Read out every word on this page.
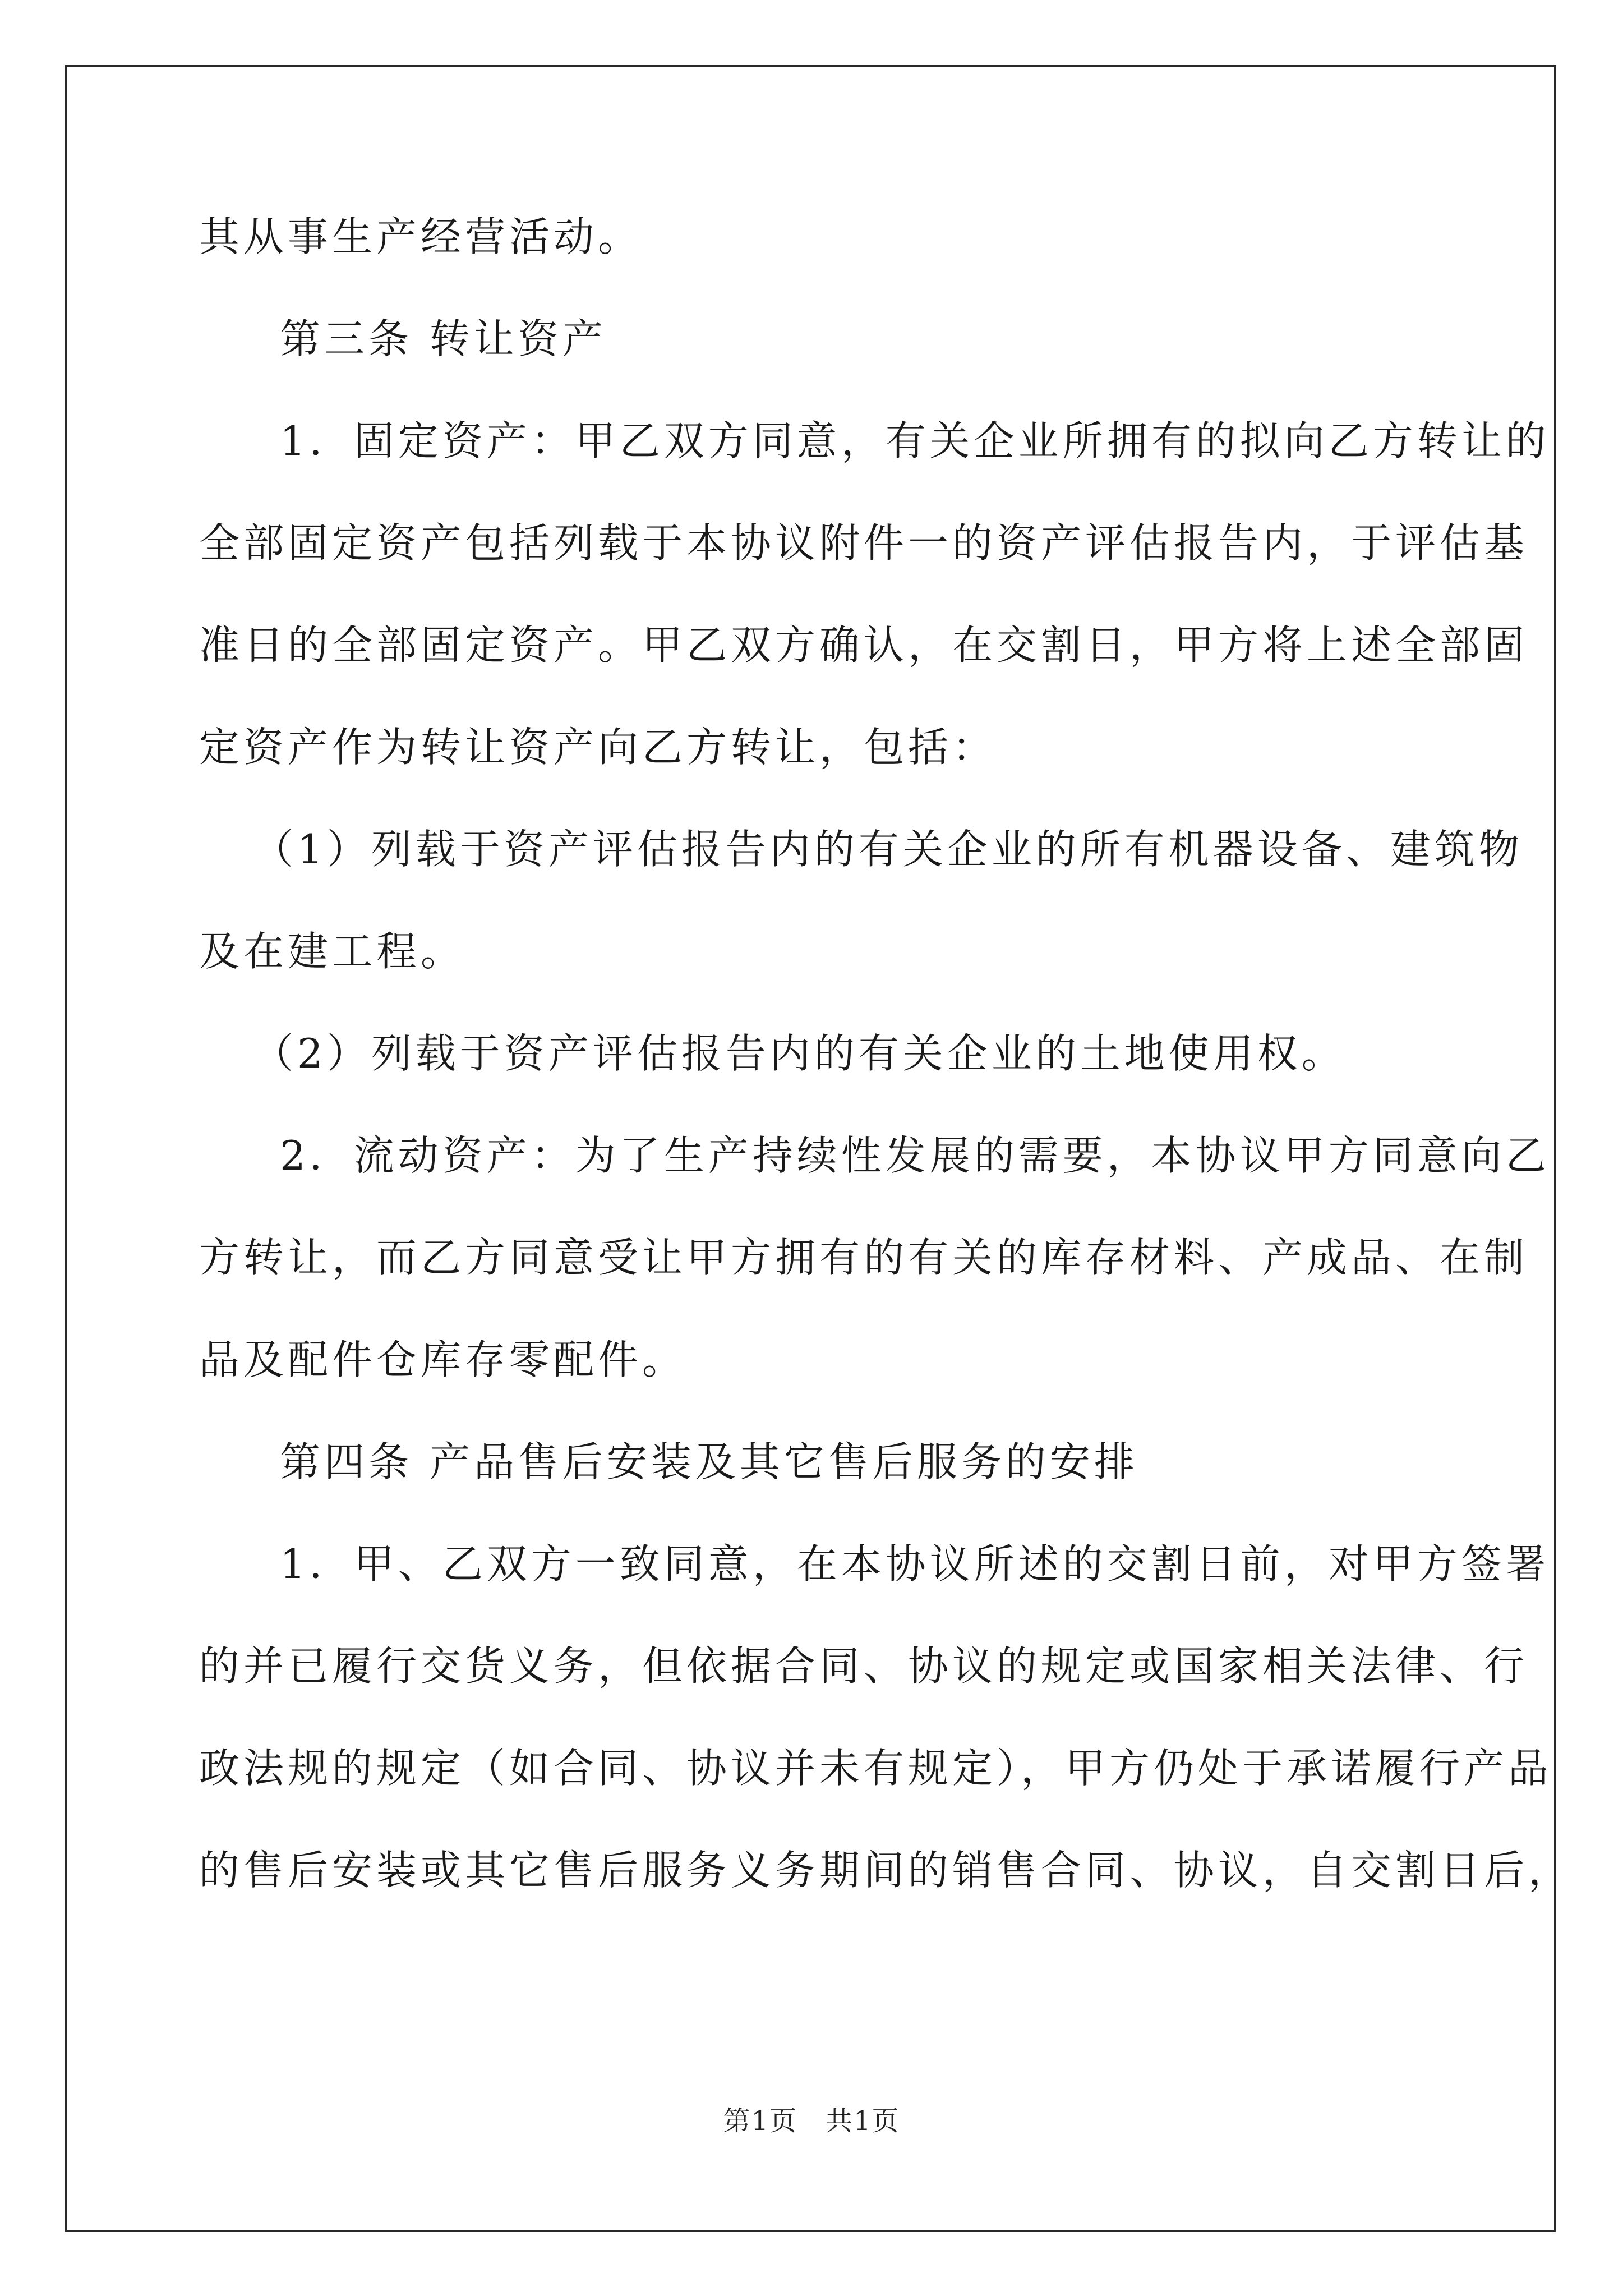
其从事生产经营活动。
第三条 转让资产
1．固定资产：甲乙双方同意，有关企业所拥有的拟向乙方转让的
全部固定资产包括列载于本协议附件一的资产评估报告内，于评估基
准日的全部固定资产。甲乙双方确认，在交割日，甲方将上述全部固
定资产作为转让资产向乙方转让，包括：
（1）列载于资产评估报告内的有关企业的所有机器设备、建筑物
及在建工程。
（2）列载于资产评估报告内的有关企业的土地使用权。
2．流动资产：为了生产持续性发展的需要，本协议甲方同意向乙
方转让，而乙方同意受让甲方拥有的有关的库存材料、产成品、在制
品及配件仓库存零配件。
第四条 产品售后安装及其它售后服务的安排
1．甲、乙双方一致同意，在本协议所述的交割日前，对甲方签署
的并已履行交货义务，但依据合同、协议的规定或国家相关法律、行
政法规的规定（如合同、协议并未有规定），甲方仍处于承诺履行产品
的售后安装或其它售后服务义务期间的销售合同、协议，自交割日后，
第1页　共1页
